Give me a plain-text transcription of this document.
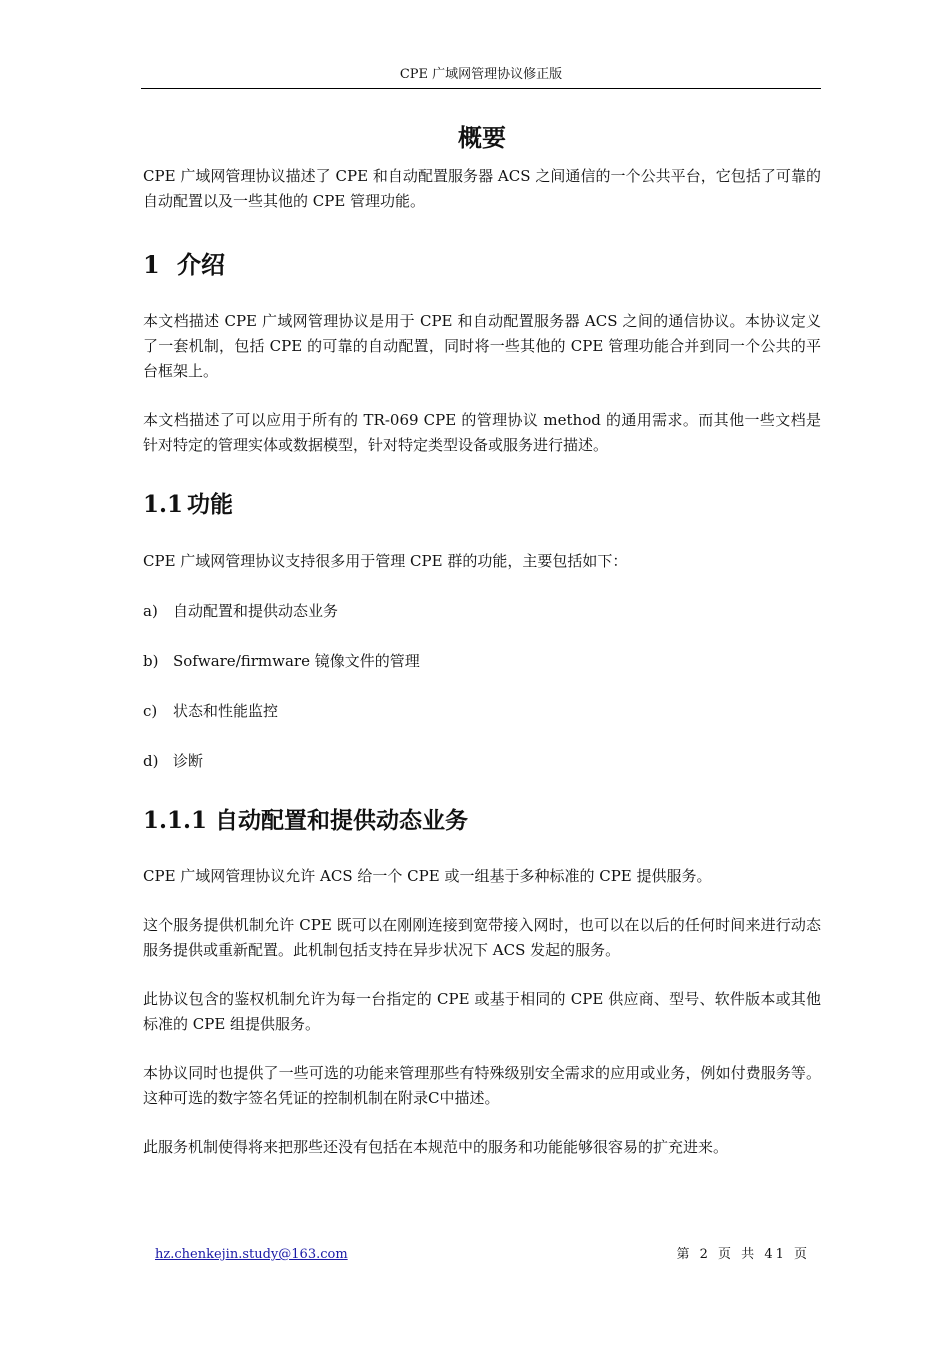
CPE 广域网管理协议修正版
概要

CPE 广域网管理协议描述了 CPE 和自动配置服务器 ACS 之间通信的一个公共平台，它包括了可靠的自动配置以及一些其他的 CPE 管理功能。

1 介绍

本文档描述 CPE 广域网管理协议是用于 CPE 和自动配置服务器 ACS 之间的通信协议。本协议定义了一套机制，包括 CPE 的可靠的自动配置，同时将一些其他的 CPE 管理功能合并到同一个公共的平台框架上。

本文档描述了可以应用于所有的 TR-069 CPE 的管理协议 method 的通用需求。而其他一些文档是针对特定的管理实体或数据模型，针对特定类型设备或服务进行描述。

1.1 功能

CPE 广域网管理协议支持很多用于管理 CPE 群的功能，主要包括如下：

a) 自动配置和提供动态业务
b) Sofware/firmware 镜像文件的管理
c) 状态和性能监控
d) 诊断
1.1.1 自动配置和提供动态业务

CPE 广域网管理协议允许 ACS 给一个 CPE 或一组基于多种标准的 CPE 提供服务。

这个服务提供机制允许 CPE 既可以在刚刚连接到宽带接入网时，也可以在以后的任何时间来进行动态服务提供或重新配置。此机制包括支持在异步状况下 ACS 发起的服务。

此协议包含的鉴权机制允许为每一台指定的 CPE 或基于相同的 CPE 供应商、型号、软件版本或其他标准的 CPE 组提供服务。

本协议同时也提供了一些可选的功能来管理那些有特殊级别安全需求的应用或业务，例如付费服务等。这种可选的数字签名凭证的控制机制在附录C中描述。

此服务机制使得将来把那些还没有包括在本规范中的服务和功能能够很容易的扩充进来。

hz.chenkejin.study@163.com	第 2 页 共 41 页
